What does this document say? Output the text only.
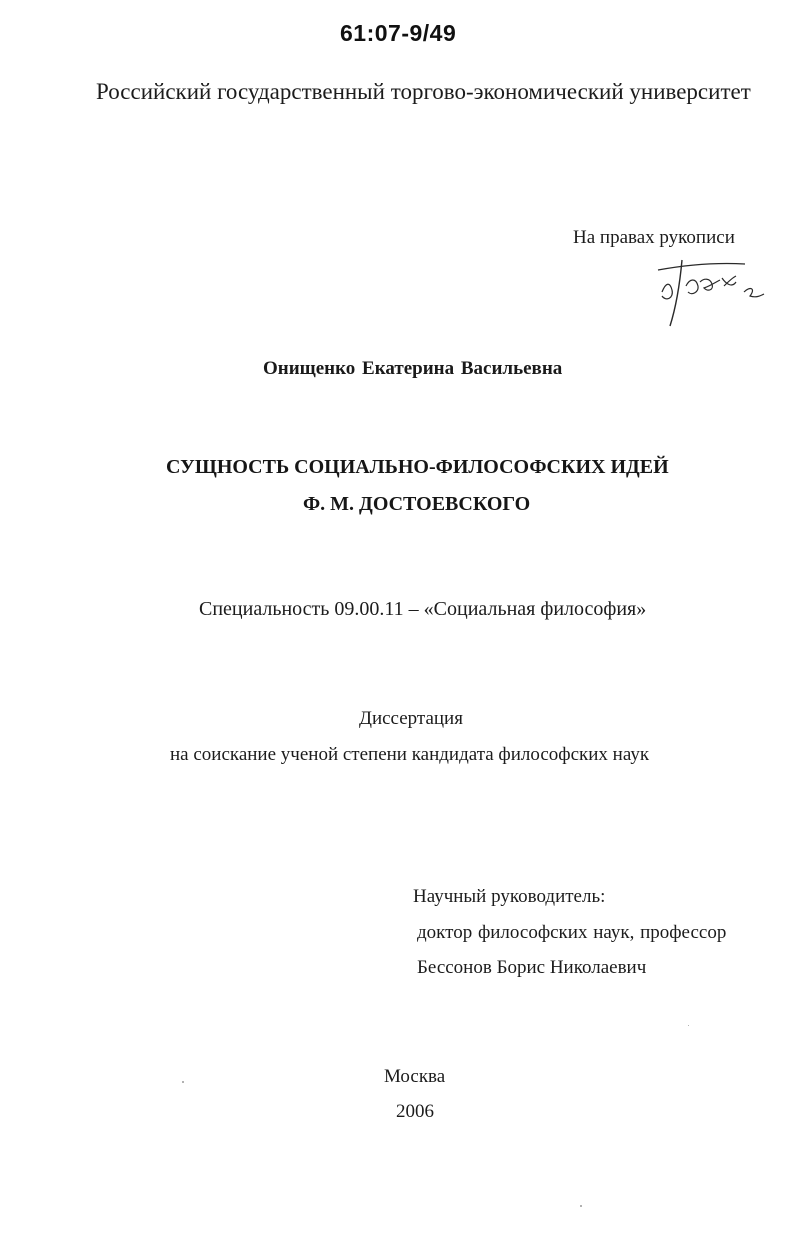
61:07-9/49
Российский государственный торгово-экономический университет
На правах рукописи
Онищенко Екатерина Васильевна
СУЩНОСТЬ СОЦИАЛЬНО-ФИЛОСОФСКИХ ИДЕЙ
Ф. М. ДОСТОЕВСКОГО
Специальность 09.00.11 – «Социальная философия»
Диссертация
на соискание ученой степени кандидата философских наук
Научный руководитель:
доктор философских наук, профессор
Бессонов Борис Николаевич
Москва
2006
